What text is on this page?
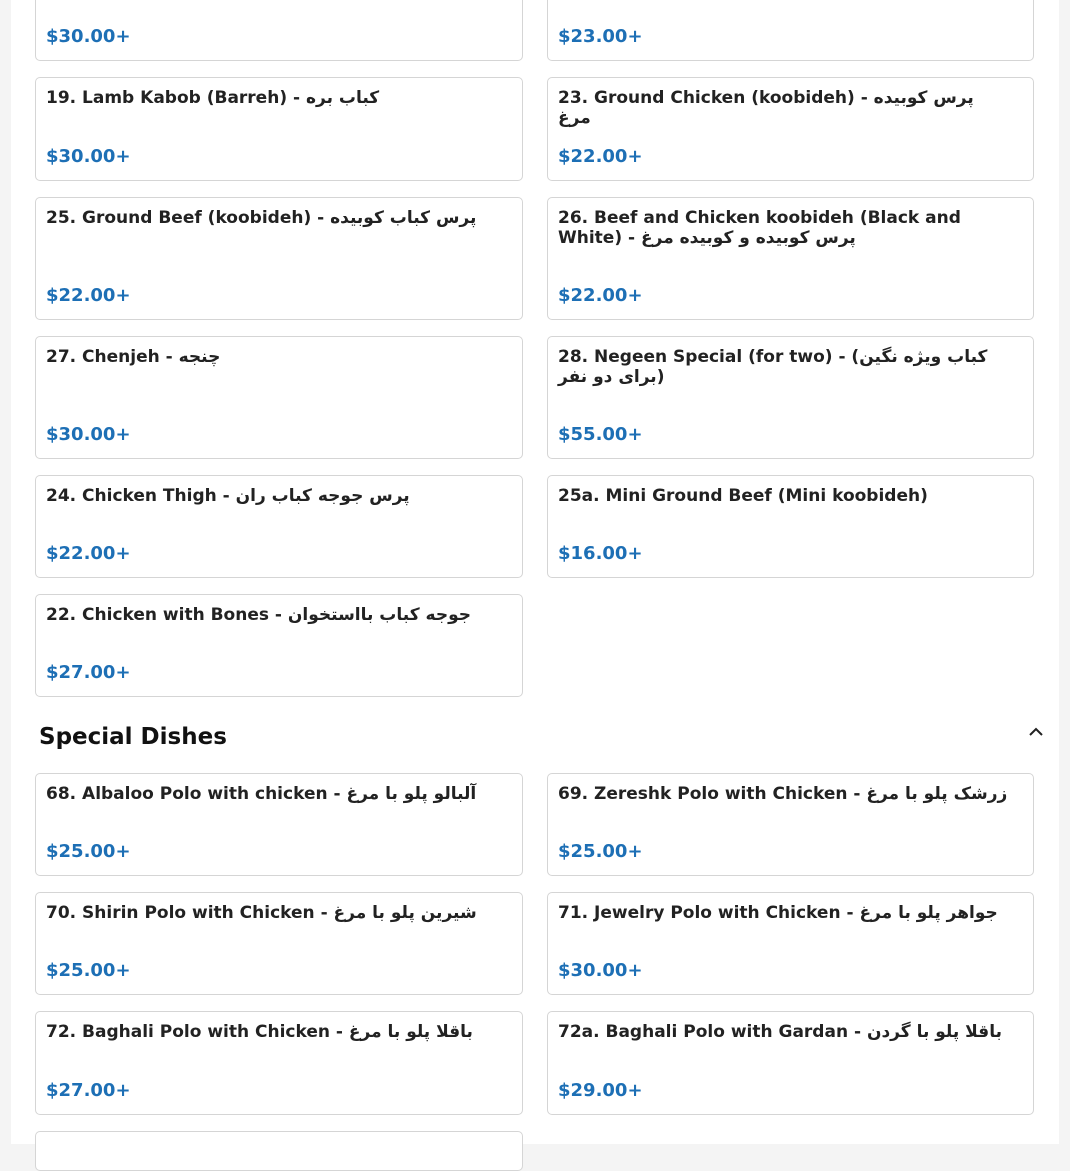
$30.00+	$23.00+
19. Lamb Kabob (Barreh) - کباب بره
$30.00+
23. Ground Chicken (koobideh) - پرس کوبیده مرغ
$22.00+
25. Ground Beef (koobideh) - پرس کباب کوبیده
$22.00+
26. Beef and Chicken koobideh (Black and White) - پرس کوبیده و کوبیده مرغ
$22.00+
27. Chenjeh - چنجه
$30.00+
28. Negeen Special (for two) - (کباب ویژه نگین (برای دو نفر
$55.00+
24. Chicken Thigh - پرس جوجه کباب ران
$22.00+
25a. Mini Ground Beef (Mini koobideh)
$16.00+
22. Chicken with Bones - جوجه کباب بااستخوان
$27.00+
Special Dishes
68. Albaloo Polo with chicken - آلبالو پلو با مرغ
$25.00+
69. Zereshk Polo with Chicken - زرشک پلو با مرغ
$25.00+
70. Shirin Polo with Chicken - شیرین پلو با مرغ
$25.00+
71. Jewelry Polo with Chicken - جواهر پلو با مرغ
$30.00+
72. Baghali Polo with Chicken - باقلا پلو با مرغ
$27.00+
72a. Baghali Polo with Gardan - باقلا پلو با گردن
$29.00+
